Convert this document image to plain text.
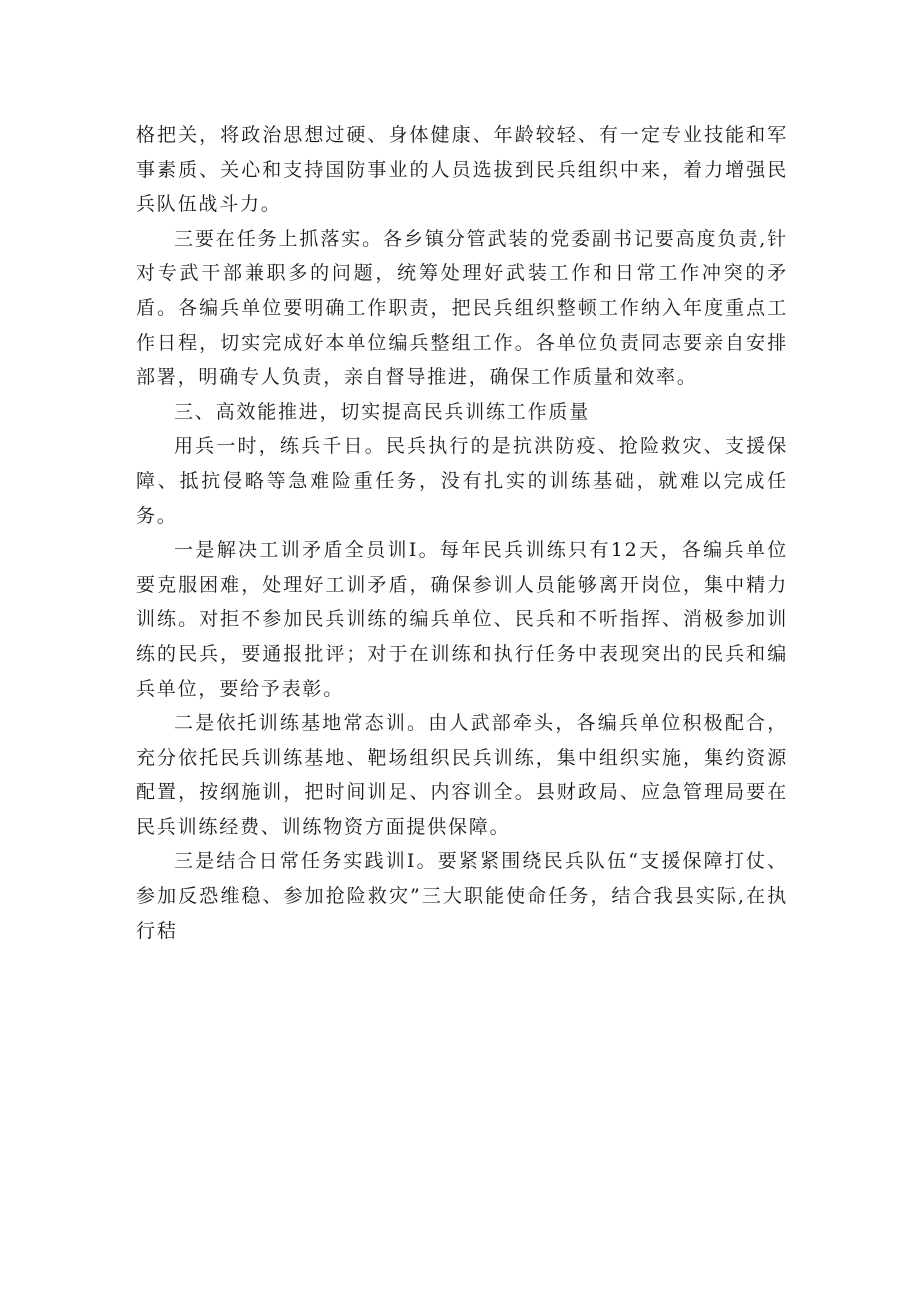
格把关，将政治思想过硬、身体健康、年龄较轻、有一定专业技能和军事素质、关心和支持国防事业的人员选拔到民兵组织中来，着力增强民兵队伍战斗力。

三要在任务上抓落实。各乡镇分管武装的党委副书记要高度负责,针对专武干部兼职多的问题，统筹处理好武装工作和日常工作冲突的矛盾。各编兵单位要明确工作职责，把民兵组织整顿工作纳入年度重点工作日程，切实完成好本单位编兵整组工作。各单位负责同志要亲自安排部署，明确专人负责，亲自督导推进，确保工作质量和效率。

三、高效能推进，切实提高民兵训练工作质量

用兵一时，练兵千日。民兵执行的是抗洪防疫、抢险救灾、支援保障、抵抗侵略等急难险重任务，没有扎实的训练基础，就难以完成任务。

一是解决工训矛盾全员训Ⅰ。每年民兵训练只有12天，各编兵单位要克服困难，处理好工训矛盾，确保参训人员能够离开岗位，集中精力训练。对拒不参加民兵训练的编兵单位、民兵和不听指挥、消极参加训练的民兵，要通报批评；对于在训练和执行任务中表现突出的民兵和编兵单位，要给予表彰。

二是依托训练基地常态训。由人武部牵头，各编兵单位积极配合，充分依托民兵训练基地、靶场组织民兵训练，集中组织实施，集约资源配置，按纲施训，把时间训足、内容训全。县财政局、应急管理局要在民兵训练经费、训练物资方面提供保障。

三是结合日常任务实践训Ⅰ。要紧紧围绕民兵队伍“支援保障打仗、参加反恐维稳、参加抢险救灾”三大职能使命任务，结合我县实际,在执行秸
